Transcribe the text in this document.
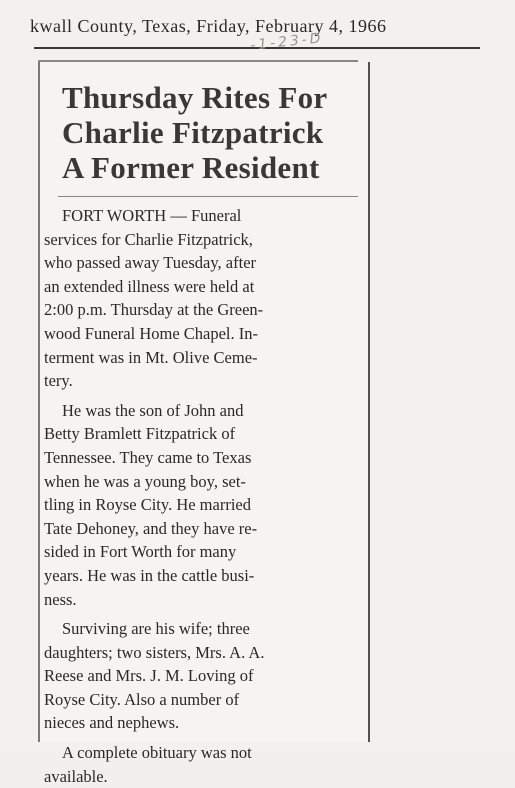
kwall County, Texas, Friday, February 4, 1966
-1-23-D
Thursday Rites For
Charlie Fitzpatrick
A Former Resident
FORT WORTH — Funeral
services for Charlie Fitzpatrick,
who passed away Tuesday, after
an extended illness were held at
2:00 p.m. Thursday at the Green-
wood Funeral Home Chapel. In-
terment was in Mt. Olive Ceme-
tery.
He was the son of John and
Betty Bramlett Fitzpatrick of
Tennessee. They came to Texas
when he was a young boy, set-
tling in Royse City. He married
Tate Dehoney, and they have re-
sided in Fort Worth for many
years. He was in the cattle busi-
ness.
Surviving are his wife; three
daughters; two sisters, Mrs. A. A.
Reese and Mrs. J. M. Loving of
Royse City. Also a number of
nieces and nephews.
A complete obituary was not
available.
